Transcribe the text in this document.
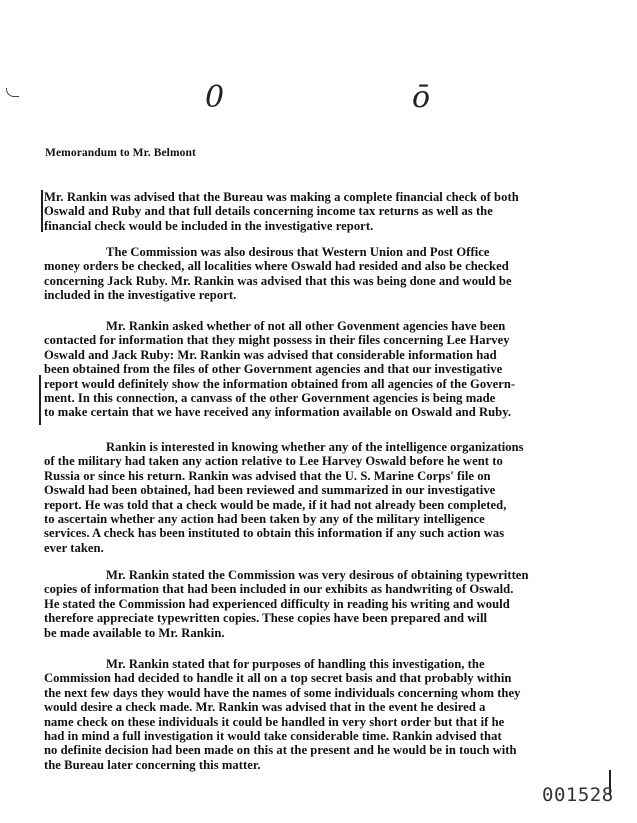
0	ō
Memorandum to Mr. Belmont
Mr. Rankin was advised that the Bureau was making a complete financial check of both
Oswald and Ruby and that full details concerning income tax returns as well as the
financial check would be included in the investigative report.
The Commission was also desirous that Western Union and Post Office
money orders be checked, all localities where Oswald had resided and also be checked
concerning Jack Ruby. Mr. Rankin was advised that this was being done and would be
included in the investigative report.
Mr. Rankin asked whether of not all other Govenment agencies have been
contacted for information that they might possess in their files concerning Lee Harvey
Oswald and Jack Ruby: Mr. Rankin was advised that considerable information had
been obtained from the files of other Government agencies and that our investigative
report would definitely show the information obtained from all agencies of the Govern-
ment. In this connection, a canvass of the other Government agencies is being made
to make certain that we have received any information available on Oswald and Ruby.
Rankin is interested in knowing whether any of the intelligence organizations
of the military had taken any action relative to Lee Harvey Oswald before he went to
Russia or since his return. Rankin was advised that the U. S. Marine Corps' file on
Oswald had been obtained, had been reviewed and summarized in our investigative
report. He was told that a check would be made, if it had not already been completed,
to ascertain whether any action had been taken by any of the military intelligence
services. A check has been instituted to obtain this information if any such action was
ever taken.
Mr. Rankin stated the Commission was very desirous of obtaining typewritten
copies of information that had been included in our exhibits as handwriting of Oswald.
He stated the Commission had experienced difficulty in reading his writing and would
therefore appreciate typewritten copies. These copies have been prepared and will
be made available to Mr. Rankin.
Mr. Rankin stated that for purposes of handling this investigation, the
Commission had decided to handle it all on a top secret basis and that probably within
the next few days they would have the names of some individuals concerning whom they
would desire a check made. Mr. Rankin was advised that in the event he desired a
name check on these individuals it could be handled in very short order but that if he
had in mind a full investigation it would take considerable time. Rankin advised that
no definite decision had been made on this at the present and he would be in touch with
the Bureau later concerning this matter.
001528
